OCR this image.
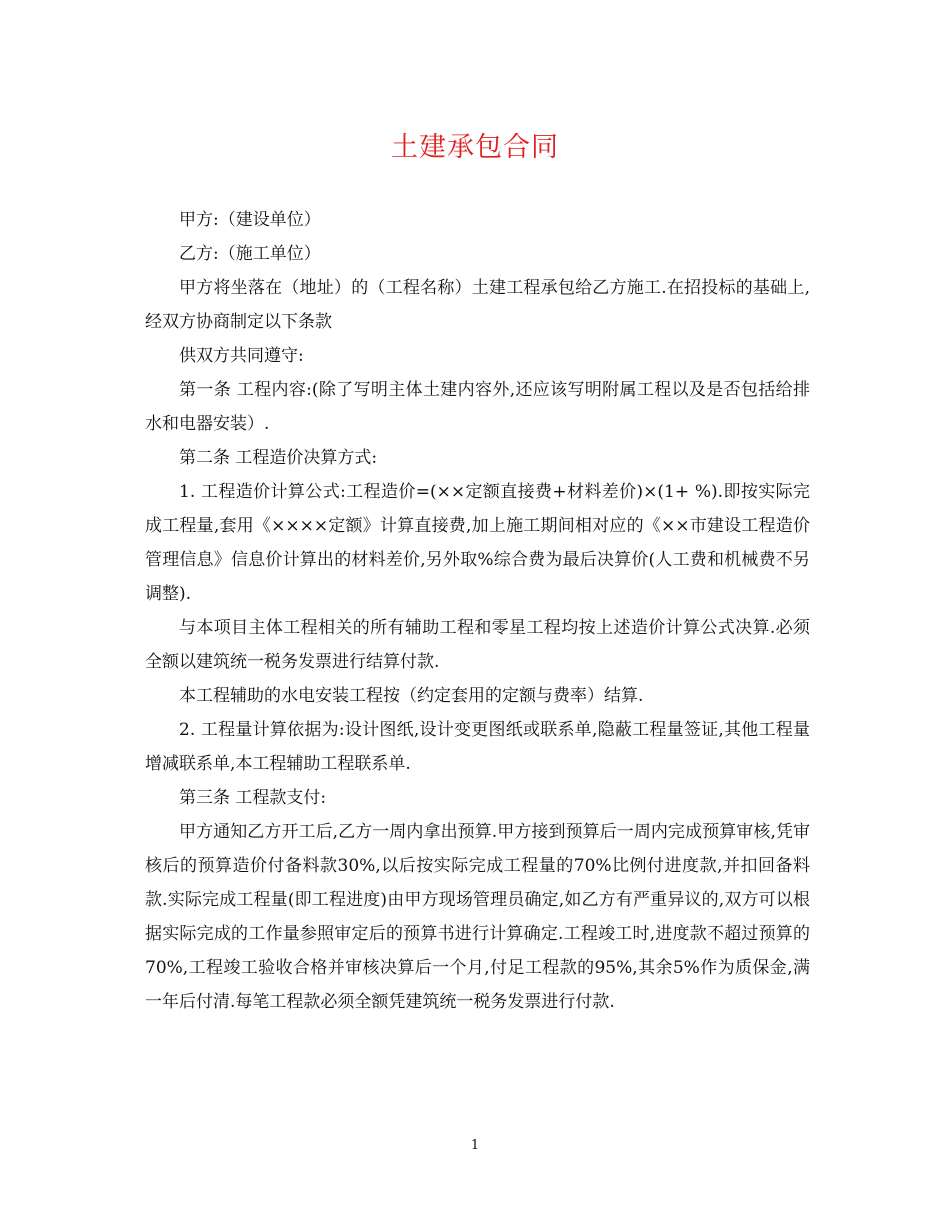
土建承包合同

甲方:（建设单位）

乙方:（施工单位）

甲方将坐落在（地址）的（工程名称）土建工程承包给乙方施工.在招投标的基础上,经双方协商制定以下条款

供双方共同遵守:

第一条 工程内容:(除了写明主体土建内容外,还应该写明附属工程以及是否包括给排水和电器安装）.

第二条 工程造价决算方式:

1. 工程造价计算公式:工程造价=(××定额直接费+材料差价)×(1+ %).即按实际完成工程量,套用《××××定额》计算直接费,加上施工期间相对应的《××市建设工程造价管理信息》信息价计算出的材料差价,另外取%综合费为最后决算价(人工费和机械费不另调整).

与本项目主体工程相关的所有辅助工程和零星工程均按上述造价计算公式决算.必须全额以建筑统一税务发票进行结算付款.

本工程辅助的水电安装工程按（约定套用的定额与费率）结算.

2. 工程量计算依据为:设计图纸,设计变更图纸或联系单,隐蔽工程量签证,其他工程量增减联系单,本工程辅助工程联系单.

第三条 工程款支付:

甲方通知乙方开工后,乙方一周内拿出预算.甲方接到预算后一周内完成预算审核,凭审核后的预算造价付备料款30%,以后按实际完成工程量的70%比例付进度款,并扣回备料款.实际完成工程量(即工程进度)由甲方现场管理员确定,如乙方有严重异议的,双方可以根据实际完成的工作量参照审定后的预算书进行计算确定.工程竣工时,进度款不超过预算的70%,工程竣工验收合格并审核决算后一个月,付足工程款的95%,其余5%作为质保金,满一年后付清.每笔工程款必须全额凭建筑统一税务发票进行付款.

1
